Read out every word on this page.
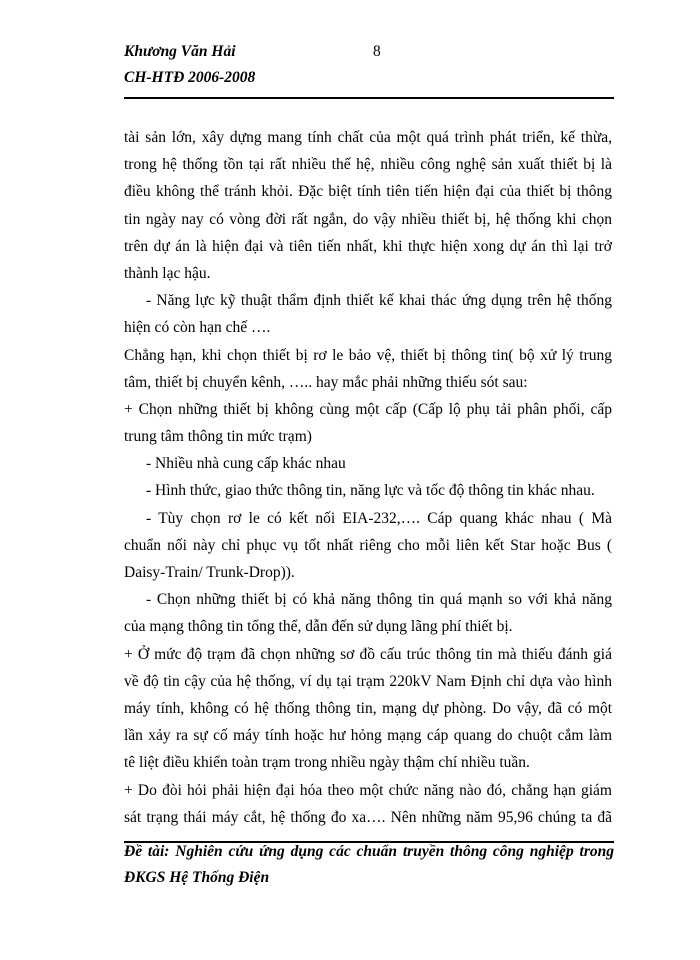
Khương Văn Hải	8
CH-HTĐ 2006-2008
tài sản lớn, xây dựng mang tính chất của một quá trình phát triển, kế thừa,
trong hệ thống tồn tại rất nhiều thế hệ, nhiều công nghệ sản xuất thiết bị là
điều không thể tránh khỏi. Đặc biệt tính tiên tiến hiện đại của thiết bị thông
tin ngày nay có vòng đời rất ngắn, do vậy nhiều thiết bị, hệ thống khi chọn
trên dự án là hiện đại và tiên tiến nhất, khi thực hiện xong dự án thì lại trở
thành lạc hậu.
- Năng lực kỹ thuật thẩm định thiết kế khai thác ứng dụng trên hệ thống
hiện có còn hạn chế ….
Chẳng hạn, khi chọn thiết bị rơ le bảo vệ, thiết bị thông tin( bộ xử lý trung
tâm, thiết bị chuyển kênh, ….. hay mắc phải những thiếu sót sau:
+ Chọn những thiết bị không cùng một cấp (Cấp lộ phụ tải phân phối, cấp
trung tâm thông tin mức trạm)
- Nhiều nhà cung cấp khác nhau
- Hình thức, giao thức thông tin, năng lực và tốc độ thông tin khác nhau.
- Tùy chọn rơ le có kết nối EIA-232,…. Cáp quang khác nhau ( Mà
chuẩn nối này chỉ phục vụ tốt nhất riêng cho mỗi liên kết Star hoặc Bus (
Daisy-Train/ Trunk-Drop)).
- Chọn những thiết bị có khả năng thông tin quá mạnh so với khả năng
của mạng thông tin tổng thể, dẫn đến sử dụng lãng phí thiết bị.
+ Ở mức độ trạm đã chọn những sơ đồ cấu trúc thông tin mà thiếu đánh giá
về độ tin cậy của hệ thống, ví dụ tại trạm 220kV Nam Định chỉ dựa vào hình
máy tính, không có hệ thống thông tin, mạng dự phòng. Do vậy, đã có một
lần xảy ra sự cố máy tính hoặc hư hỏng mạng cáp quang do chuột cắm làm
tê liệt điều khiển toàn trạm trong nhiều ngày thậm chí nhiều tuần.
+ Do đòi hỏi phải hiện đại hóa theo một chức năng nào đó, chẳng hạn giám
sát trạng thái máy cắt, hệ thống đo xa…. Nên những năm 95,96 chúng ta đã
Đề tài: Nghiên cứu ứng dụng các chuẩn truyền thông công nghiệp trong
ĐKGS Hệ Thống Điện
